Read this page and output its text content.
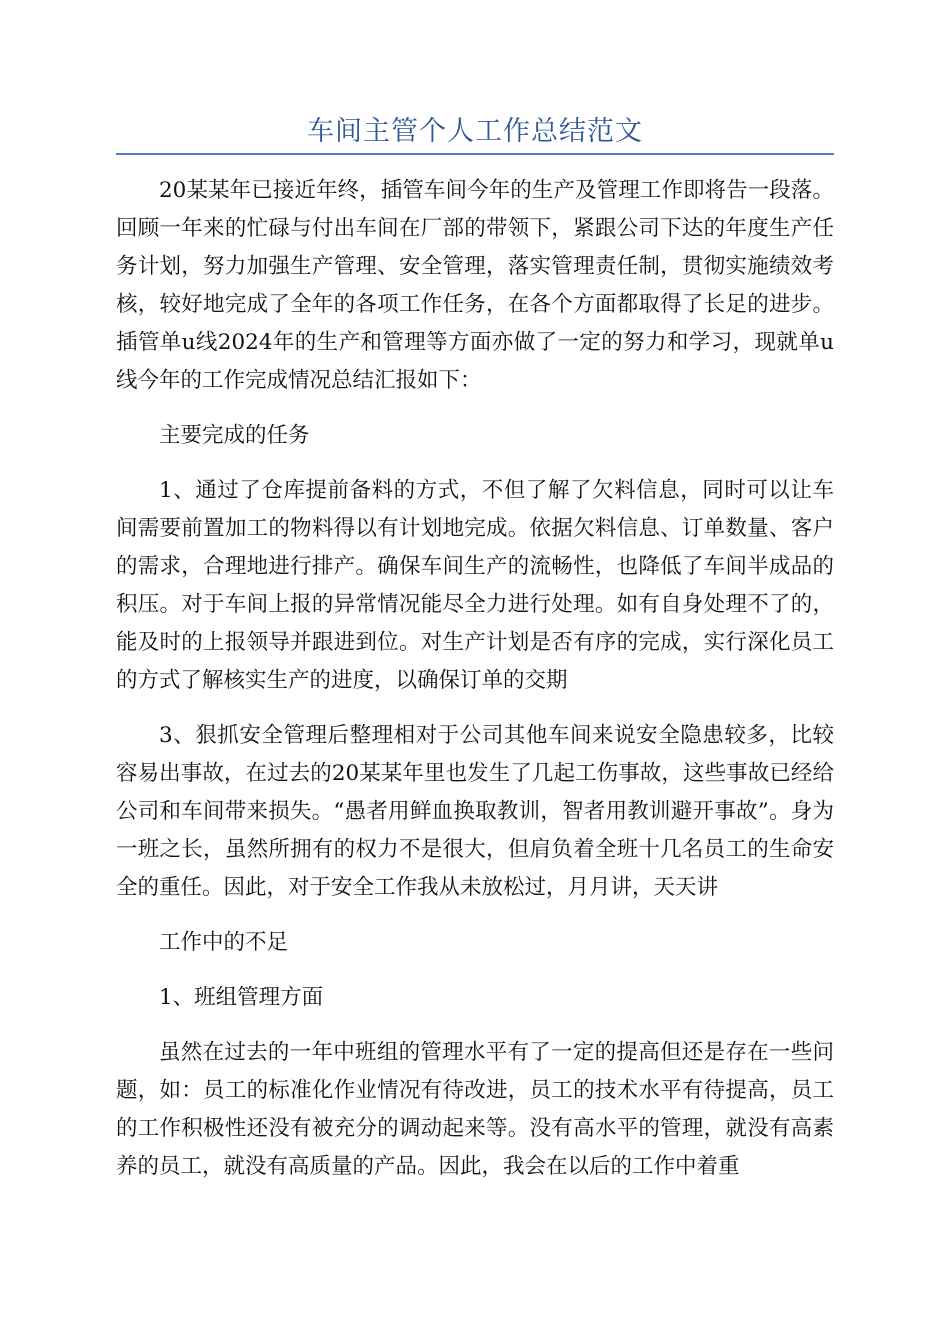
车间主管个人工作总结范文

20某某年已接近年终，插管车间今年的生产及管理工作即将告一段落。回顾一年来的忙碌与付出车间在厂部的带领下，紧跟公司下达的年度生产任务计划，努力加强生产管理、安全管理，落实管理责任制，贯彻实施绩效考核，较好地完成了全年的各项工作任务，在各个方面都取得了长足的进步。插管单u线2024年的生产和管理等方面亦做了一定的努力和学习，现就单u线今年的工作完成情况总结汇报如下：

主要完成的任务

1、通过了仓库提前备料的方式，不但了解了欠料信息，同时可以让车间需要前置加工的物料得以有计划地完成。依据欠料信息、订单数量、客户的需求，合理地进行排产。确保车间生产的流畅性，也降低了车间半成品的积压。对于车间上报的异常情况能尽全力进行处理。如有自身处理不了的，能及时的上报领导并跟进到位。对生产计划是否有序的完成，实行深化员工的方式了解核实生产的进度，以确保订单的交期

3、狠抓安全管理后整理相对于公司其他车间来说安全隐患较多，比较容易出事故，在过去的20某某年里也发生了几起工伤事故，这些事故已经给公司和车间带来损失。“愚者用鲜血换取教训，智者用教训避开事故”。身为一班之长，虽然所拥有的权力不是很大，但肩负着全班十几名员工的生命安全的重任。因此，对于安全工作我从未放松过，月月讲，天天讲

工作中的不足

1、班组管理方面

虽然在过去的一年中班组的管理水平有了一定的提高但还是存在一些问题，如：员工的标准化作业情况有待改进，员工的技术水平有待提高，员工的工作积极性还没有被充分的调动起来等。没有高水平的管理，就没有高素养的员工，就没有高质量的产品。因此，我会在以后的工作中着重
